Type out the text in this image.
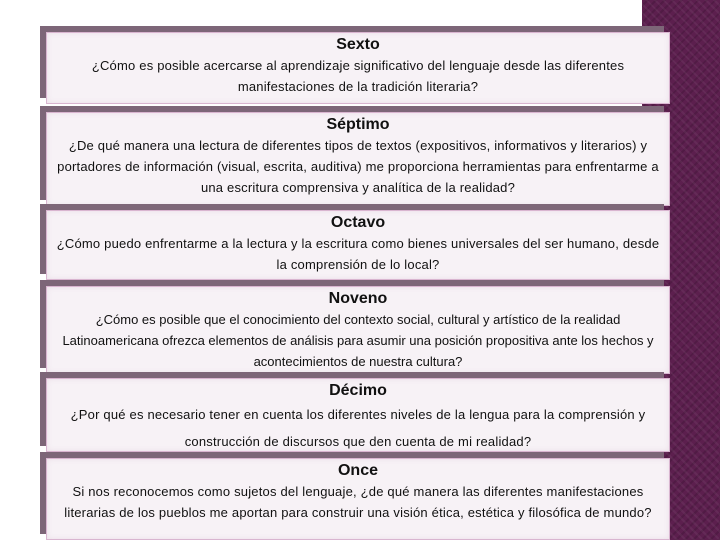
Sexto
¿Cómo es posible acercarse al aprendizaje significativo del lenguaje desde las diferentes manifestaciones de la tradición literaria?
Séptimo
¿De qué manera una lectura de diferentes tipos de textos (expositivos, informativos y literarios) y portadores de información (visual, escrita, auditiva) me proporciona herramientas para enfrentarme a una escritura comprensiva y analítica de la realidad?
Octavo
¿Cómo puedo enfrentarme a la lectura y la escritura como bienes universales del ser humano, desde la comprensión de lo local?
Noveno
¿Cómo es posible que el conocimiento del contexto social, cultural y artístico de la realidad Latinoamericana ofrezca elementos de análisis para asumir una posición propositiva ante los hechos y acontecimientos de nuestra cultura?
Décimo
¿Por qué es necesario tener en cuenta los diferentes niveles de la lengua para la comprensión y construcción de discursos que den cuenta de mi realidad?
Once
Si nos reconocemos como sujetos del lenguaje, ¿de qué manera las diferentes manifestaciones literarias de los pueblos me aportan para construir una visión ética, estética y filosófica de mundo?
